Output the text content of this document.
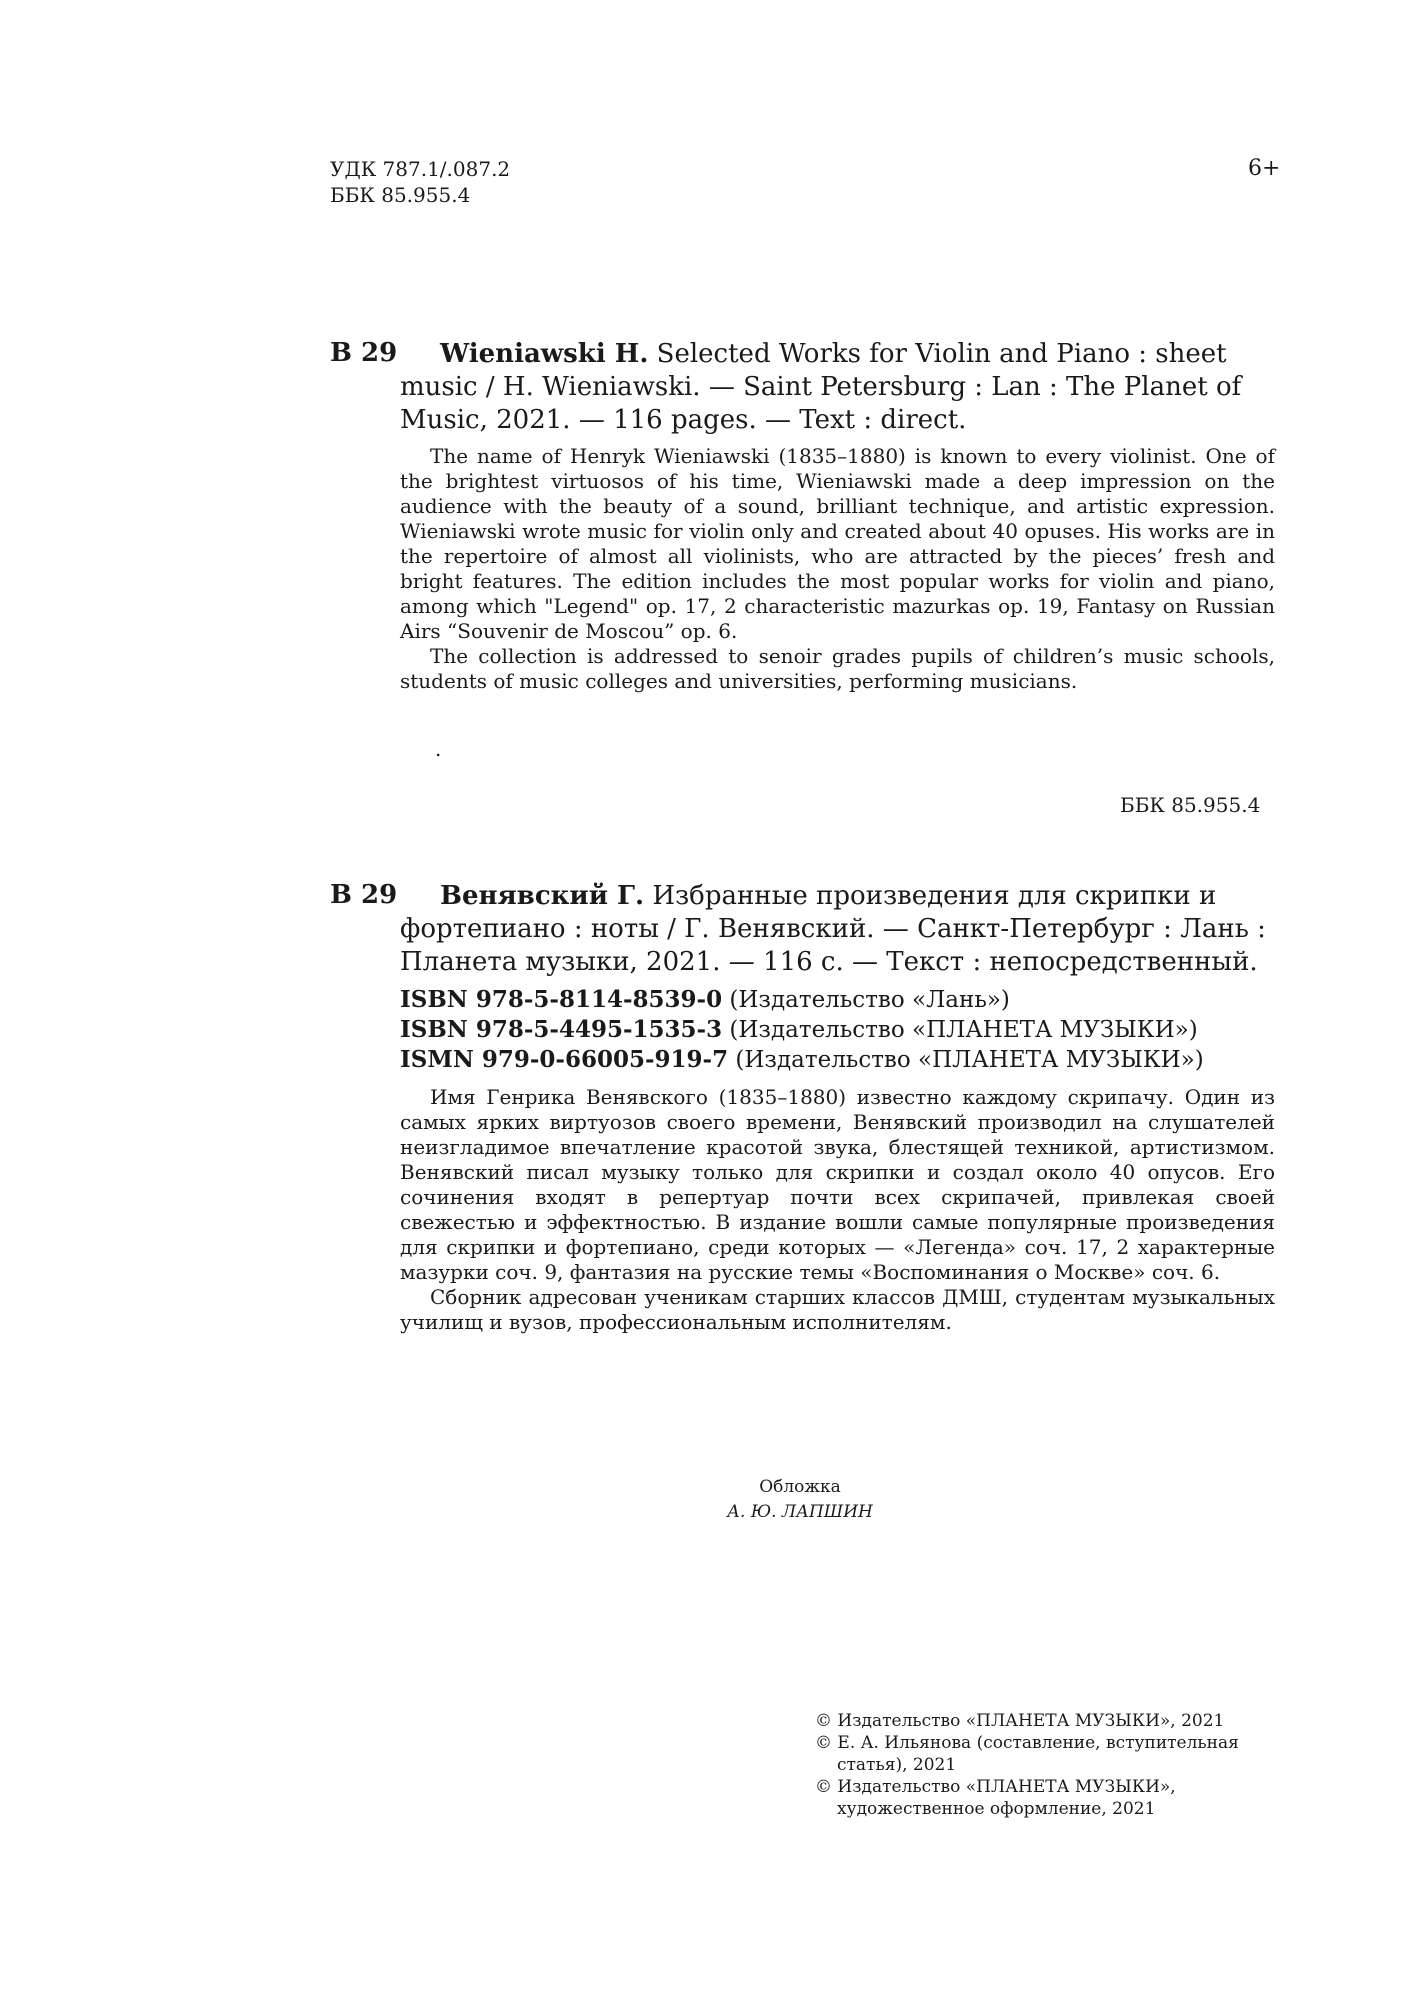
УДК 787.1/.087.2
ББК 85.955.4
6+
В 29	Wieniawski H. Selected Works for Violin and Piano : sheet music / H. Wieniawski. — Saint Petersburg : Lan : The Planet of Music, 2021. — 116 pages. — Text : direct.

The name of Henryk Wieniawski (1835–1880) is known to every violinist. One of the brightest virtuosos of his time, Wieniawski made a deep impression on the audience with the beauty of a sound, brilliant technique, and artistic expression. Wieniawski wrote music for violin only and created about 40 opuses. His works are in the repertoire of almost all violinists, who are attracted by the pieces’ fresh and bright features. The edition includes the most popular works for violin and piano, among which "Legend" op. 17, 2 characteristic mazurkas op. 19, Fantasy on Russian Airs “Souvenir de Moscou” op. 6.

The collection is addressed to senoir grades pupils of children’s music schools, students of music colleges and universities, performing musicians.

.
ББК 85.955.4
В 29	Венявский Г. Избранные произведения для скрипки и фортепиано : ноты / Г. Венявский. — Санкт-Петербург : Лань : Планета музыки, 2021. — 116 с. — Текст : непосредственный.
ISBN 978-5-8114-8539-0 (Издательство «Лань»)
ISBN 978-5-4495-1535-3 (Издательство «ПЛАНЕТА МУЗЫКИ»)
ISMN 979-0-66005-919-7 (Издательство «ПЛАНЕТА МУЗЫКИ»)

Имя Генрика Венявского (1835–1880) известно каждому скрипачу. Один из самых ярких виртуозов своего времени, Венявский производил на слушателей неизгладимое впечатление красотой звука, блестящей техникой, артистизмом. Венявский писал музыку только для скрипки и создал около 40 опусов. Его сочинения входят в репертуар почти всех скрипачей, привлекая своей свежестью и эффектностью. В издание вошли самые популярные произведения для скрипки и фортепиано, среди которых — «Легенда» соч. 17, 2 характерные мазурки соч. 9, фантазия на русские темы «Воспоминания о Москве» соч. 6.

Сборник адресован ученикам старших классов ДМШ, студентам музыкальных училищ и вузов, профессиональным исполнителям.

Обложка
А. Ю. ЛАПШИН
© Издательство «ПЛАНЕТА МУЗЫКИ», 2021
© Е. А. Ильянова (составление, вступительная статья), 2021
© Издательство «ПЛАНЕТА МУЗЫКИ», художественное оформление, 2021
